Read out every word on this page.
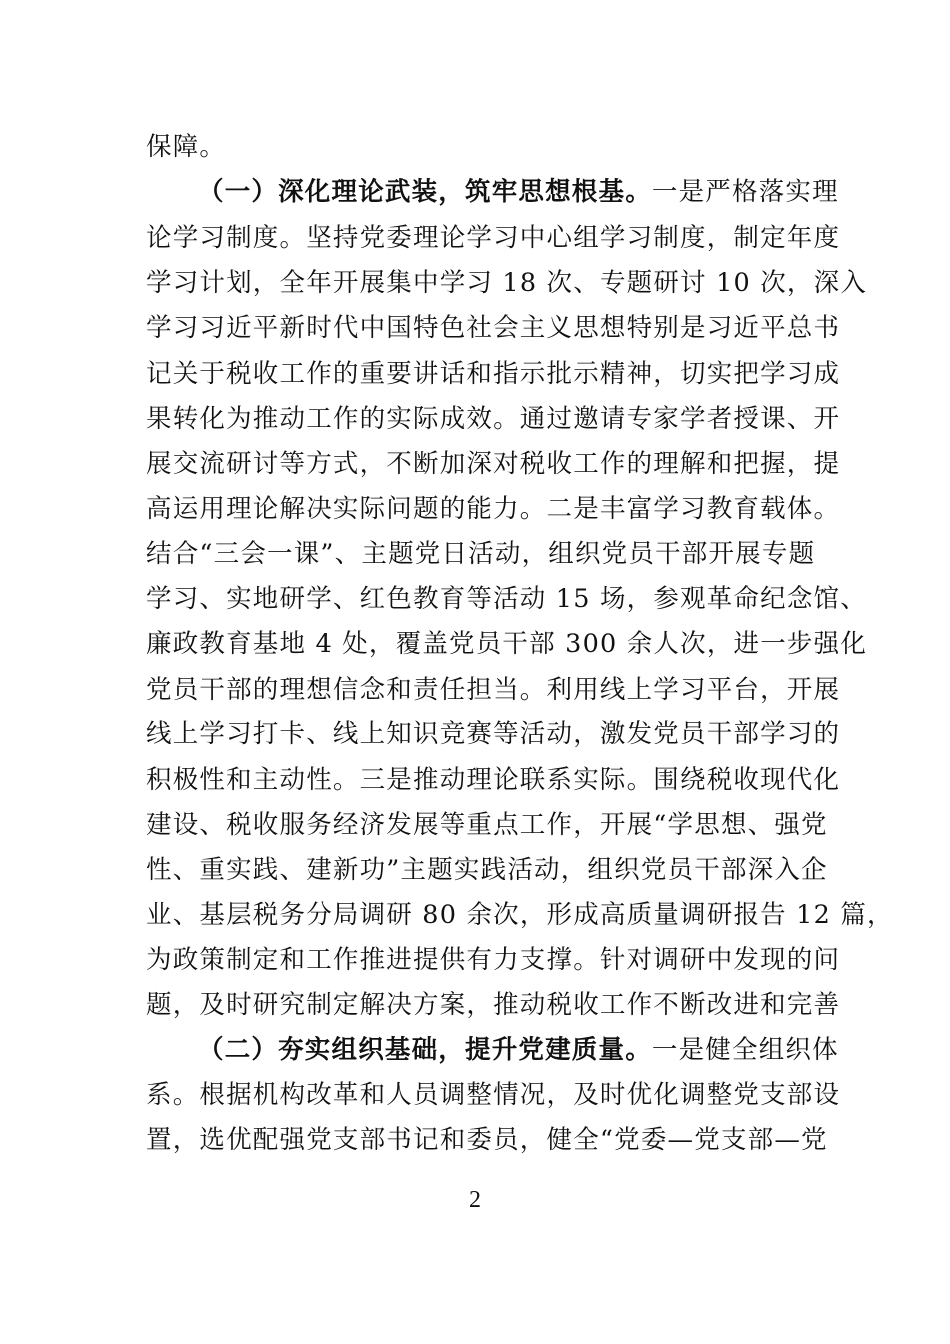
保障。
（一）深化理论武装，筑牢思想根基。一是严格落实理
论学习制度。坚持党委理论学习中心组学习制度，制定年度
学习计划，全年开展集中学习 18 次、专题研讨 10 次，深入
学习习近平新时代中国特色社会主义思想特别是习近平总书
记关于税收工作的重要讲话和指示批示精神，切实把学习成
果转化为推动工作的实际成效。通过邀请专家学者授课、开
展交流研讨等方式，不断加深对税收工作的理解和把握，提
高运用理论解决实际问题的能力。二是丰富学习教育载体。
结合“三会一课”、主题党日活动，组织党员干部开展专题
学习、实地研学、红色教育等活动 15 场，参观革命纪念馆、
廉政教育基地 4 处，覆盖党员干部 300 余人次，进一步强化
党员干部的理想信念和责任担当。利用线上学习平台，开展
线上学习打卡、线上知识竞赛等活动，激发党员干部学习的
积极性和主动性。三是推动理论联系实际。围绕税收现代化
建设、税收服务经济发展等重点工作，开展“学思想、强党
性、重实践、建新功”主题实践活动，组织党员干部深入企
业、基层税务分局调研 80 余次，形成高质量调研报告 12 篇，
为政策制定和工作推进提供有力支撑。针对调研中发现的问
题，及时研究制定解决方案，推动税收工作不断改进和完善
（二）夯实组织基础，提升党建质量。一是健全组织体
系。根据机构改革和人员调整情况，及时优化调整党支部设
置，选优配强党支部书记和委员，健全“党委—党支部—党
2
